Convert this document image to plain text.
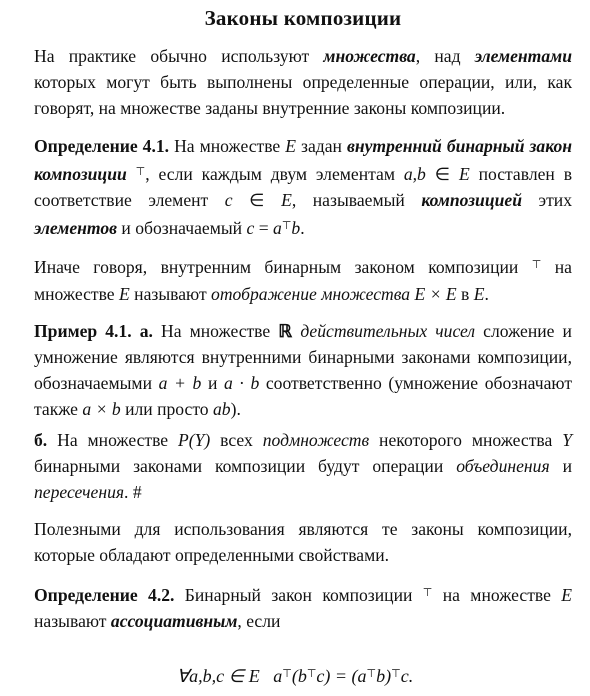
Законы композиции

На практике обычно используют множества, над элементами которых могут быть выполнены определенные операции, или, как говорят, на множестве заданы внутренние законы композиции.

Определение 4.1. На множестве E задан внутренний бинарный закон композиции ⊤, если каждым двум элементам a,b ∈ E поставлен в соответствие элемент c ∈ E, называемый композицией этих элементов и обозначаемый c = a⊤b.

Иначе говоря, внутренним бинарным законом композиции ⊤ на множестве E называют отображение множества E × E в E.

Пример 4.1. а. На множестве ℝ действительных чисел сложение и умножение являются внутренними бинарными законами композиции, обозначаемыми a + b и a · b соответственно (умножение обозначают также a × b или просто ab).

б. На множестве P(Y) всех подмножеств некоторого множества Y бинарными законами композиции будут операции объединения и пересечения. #

Полезными для использования являются те законы композиции, которые обладают определенными свойствами.

Определение 4.2. Бинарный закон композиции ⊤ на множестве E называют ассоциативным, если

∀a,b,c ∈ E a⊤(b⊤c) = (a⊤b)⊤c.
